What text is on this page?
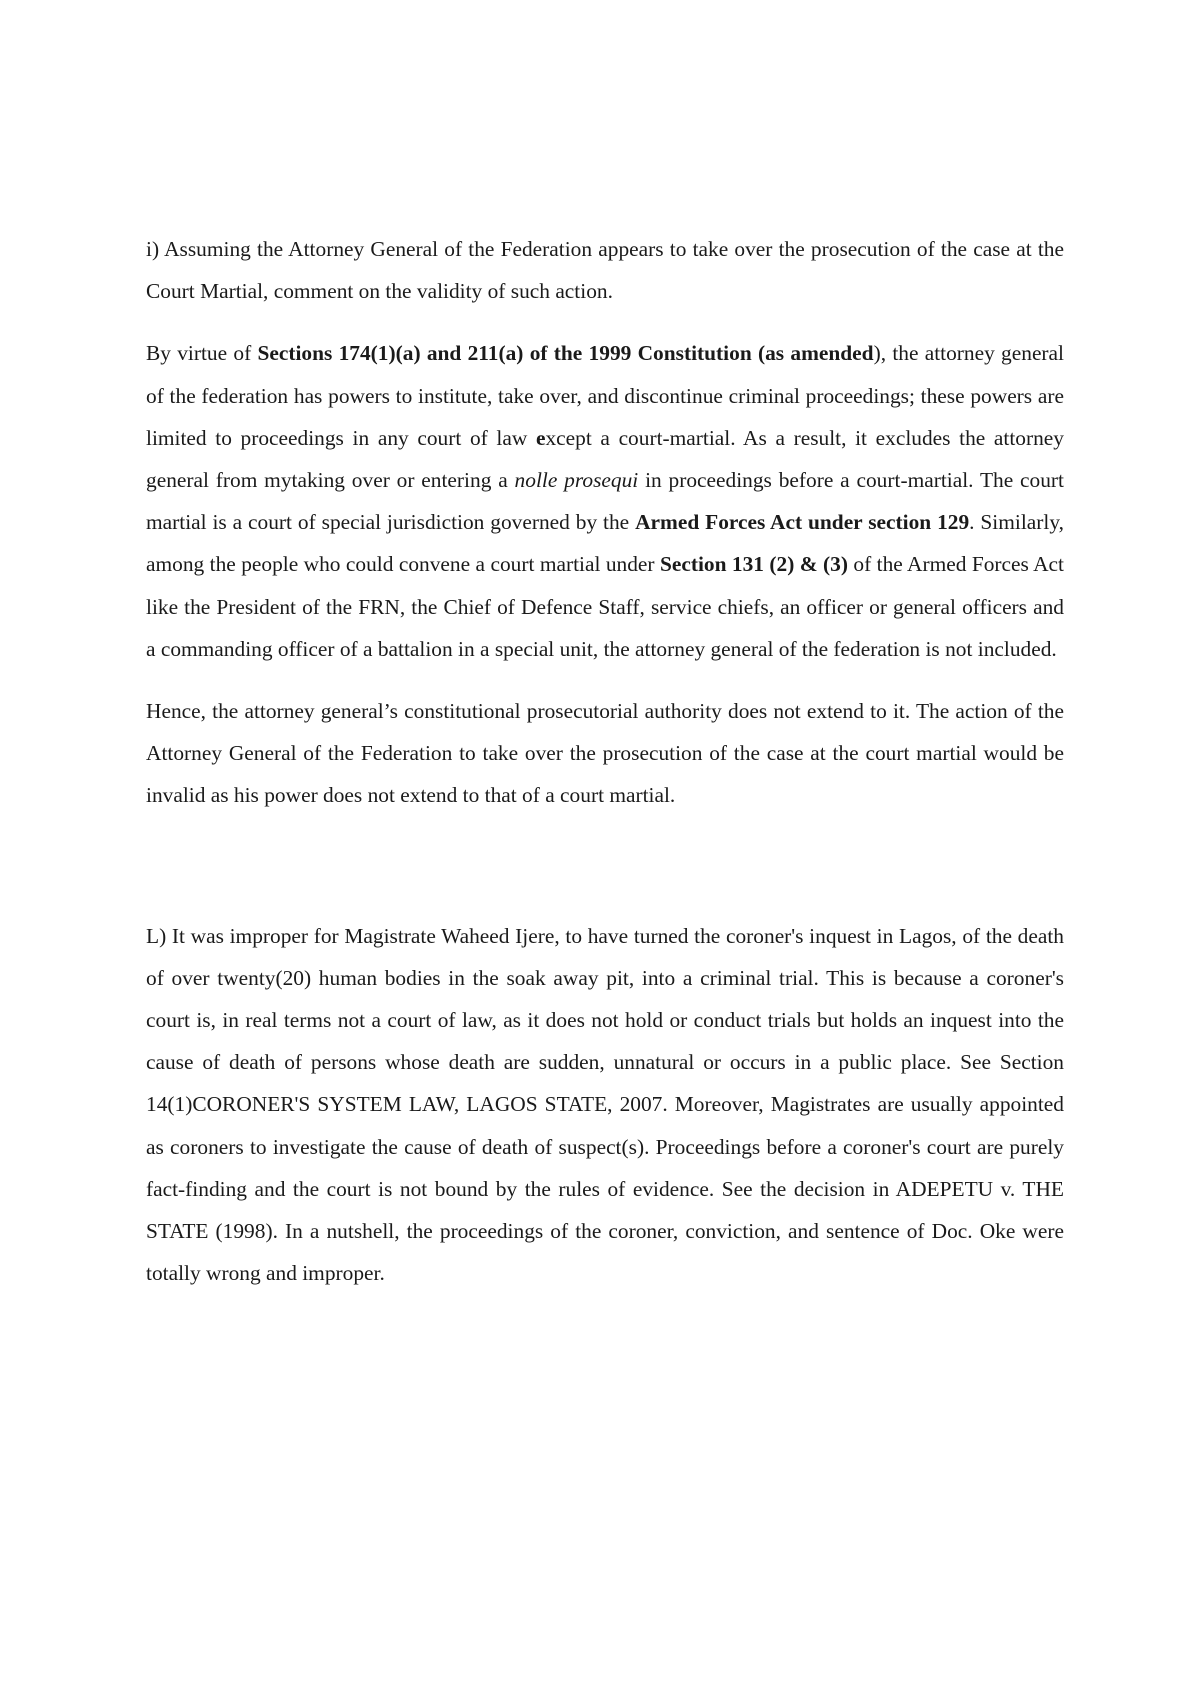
i) Assuming the Attorney General of the Federation appears to take over the prosecution of the case at the Court Martial, comment on the validity of such action.

By virtue of Sections 174(1)(a) and 211(a) of the 1999 Constitution (as amended), the attorney general of the federation has powers to institute, take over, and discontinue criminal proceedings; these powers are limited to proceedings in any court of law except a court-martial. As a result, it excludes the attorney general from mytaking over or entering a nolle prosequi in proceedings before a court-martial. The court martial is a court of special jurisdiction governed by the Armed Forces Act under section 129. Similarly, among the people who could convene a court martial under Section 131 (2) & (3) of the Armed Forces Act like the President of the FRN, the Chief of Defence Staff, service chiefs, an officer or general officers and a commanding officer of a battalion in a special unit, the attorney general of the federation is not included.

Hence, the attorney general’s constitutional prosecutorial authority does not extend to it. The action of the Attorney General of the Federation to take over the prosecution of the case at the court martial would be invalid as his power does not extend to that of a court martial.

L) It was improper for Magistrate Waheed Ijere, to have turned the coroner's inquest in Lagos, of the death of over twenty(20) human bodies in the soak away pit, into a criminal trial. This is because a coroner's court is, in real terms not a court of law, as it does not hold or conduct trials but holds an inquest into the cause of death of persons whose death are sudden, unnatural or occurs in a public place. See Section 14(1)CORONER'S SYSTEM LAW, LAGOS STATE, 2007. Moreover, Magistrates are usually appointed as coroners to investigate the cause of death of suspect(s). Proceedings before a coroner's court are purely fact-finding and the court is not bound by the rules of evidence. See the decision in ADEPETU v. THE STATE (1998). In a nutshell, the proceedings of the coroner, conviction, and sentence of Doc. Oke were totally wrong and improper.
